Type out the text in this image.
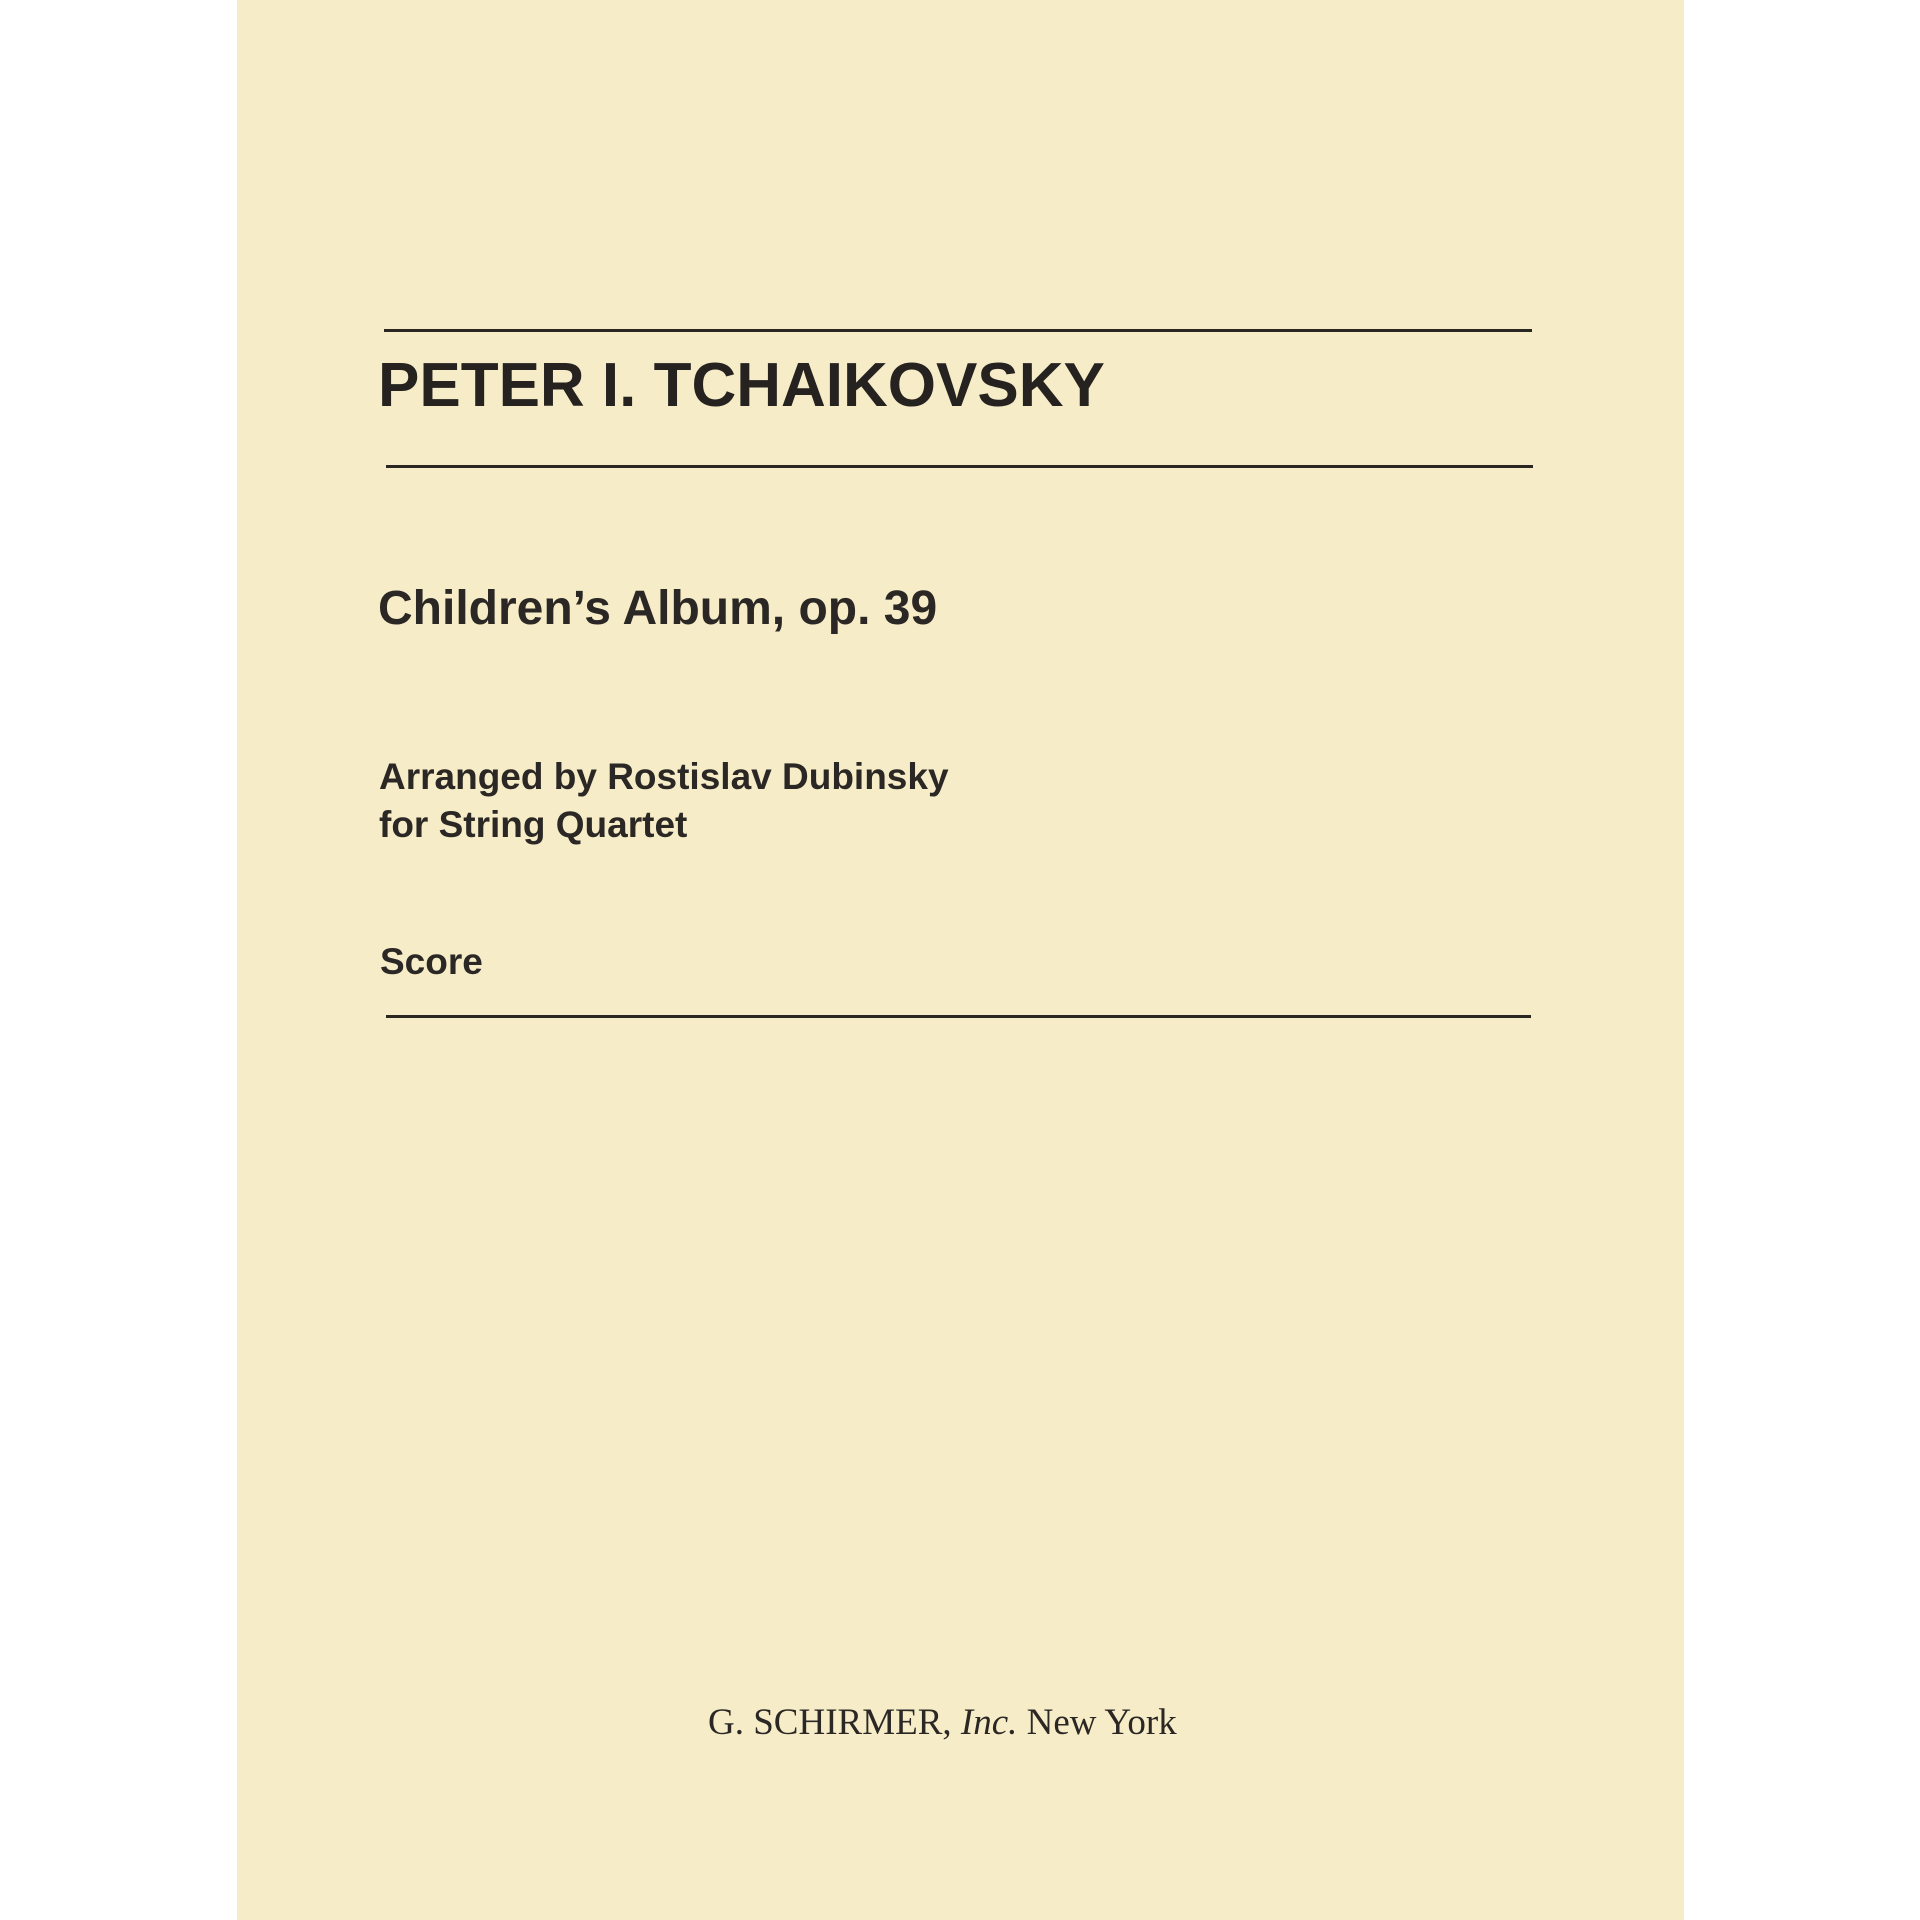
PETER I. TCHAIKOVSKY
Children’s Album, op. 39

Arranged by Rostislav Dubinsky

for String Quartet

Score

G. SCHIRMER, Inc. New York
